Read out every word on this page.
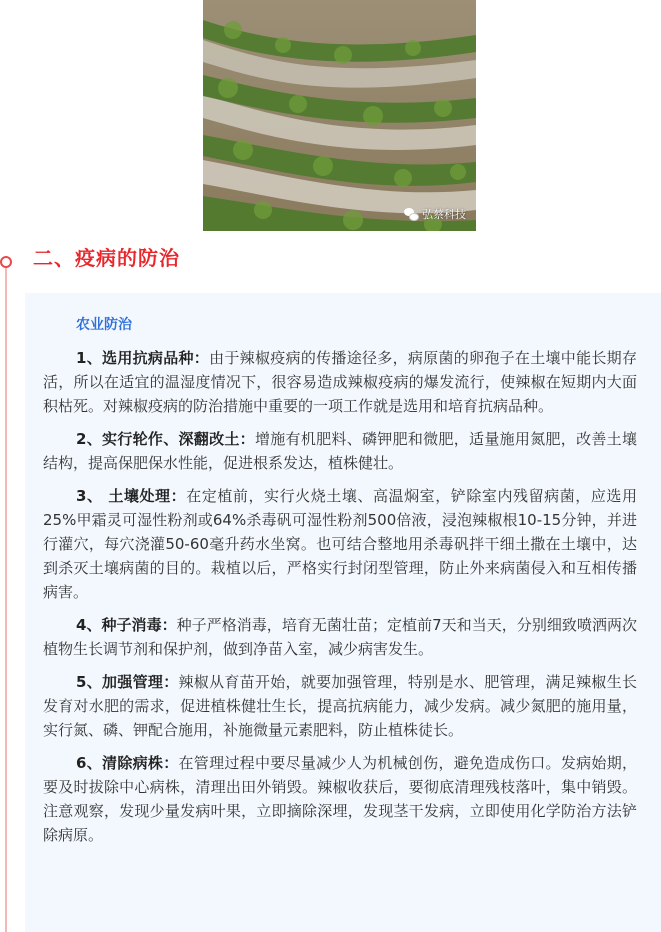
弘蔡科技
二、疫病的防治
农业防治

1、选用抗病品种：由于辣椒疫病的传播途径多，病原菌的卵孢子在土壤中能长期存活，所以在适宜的温湿度情况下，很容易造成辣椒疫病的爆发流行，使辣椒在短期内大面积枯死。对辣椒疫病的防治措施中重要的一项工作就是选用和培育抗病品种。

2、实行轮作、深翻改土：增施有机肥料、磷钾肥和微肥，适量施用氮肥，改善土壤结构，提高保肥保水性能，促进根系发达，植株健壮。

3、 土壤处理：在定植前，实行火烧土壤、高温焖室，铲除室内残留病菌，应选用25%甲霜灵可湿性粉剂或64%杀毒矾可湿性粉剂500倍液，浸泡辣椒根10-15分钟，并进行灌穴，每穴浇灌50-60毫升药水坐窝。也可结合整地用杀毒矾拌干细土撒在土壤中，达到杀灭土壤病菌的目的。栽植以后，严格实行封闭型管理，防止外来病菌侵入和互相传播病害。

4、种子消毒：种子严格消毒，培育无菌壮苗；定植前7天和当天，分别细致喷洒两次植物生长调节剂和保护剂，做到净苗入室，减少病害发生。

5、加强管理：辣椒从育苗开始，就要加强管理，特别是水、肥管理，满足辣椒生长发育对水肥的需求，促进植株健壮生长，提高抗病能力，减少发病。减少氮肥的施用量，实行氮、磷、钾配合施用，补施微量元素肥料，防止植株徒长。

6、清除病株：在管理过程中要尽量减少人为机械创伤，避免造成伤口。发病始期，要及时拔除中心病株，清理出田外销毁。辣椒收获后，要彻底清理残枝落叶，集中销毁。注意观察，发现少量发病叶果，立即摘除深埋，发现茎干发病，立即使用化学防治方法铲除病原。
